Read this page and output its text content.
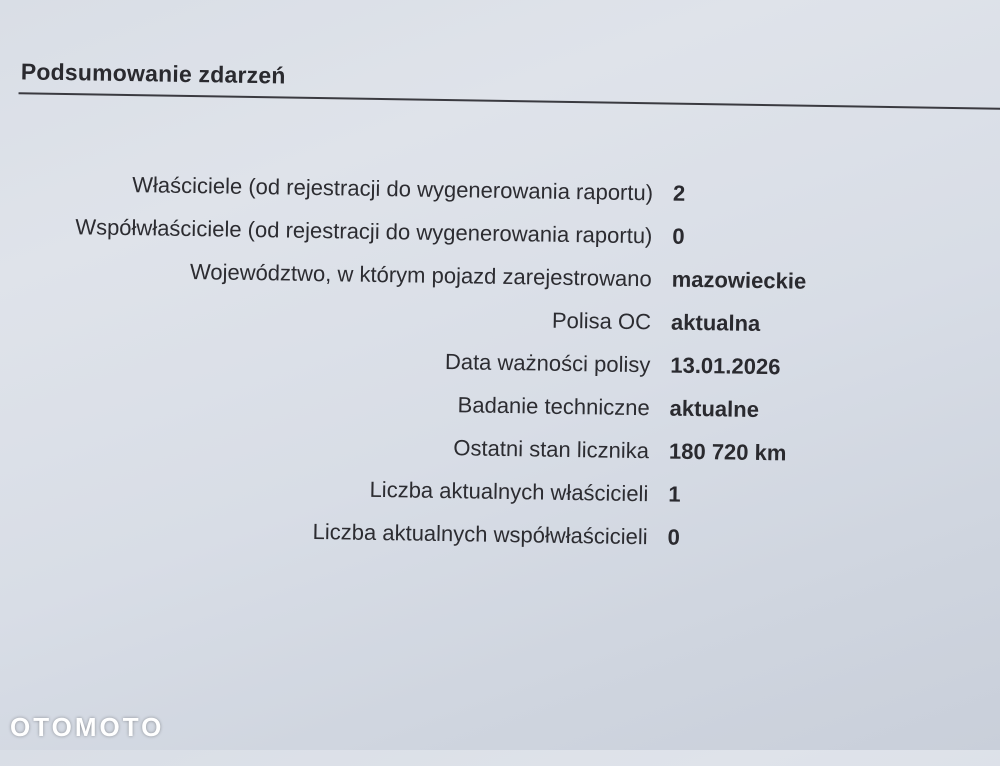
Podsumowanie zdarzeń
Właściciele (od rejestracji do wygenerowania raportu) 2
Współwłaściciele (od rejestracji do wygenerowania raportu) 0
Województwo, w którym pojazd zarejestrowano mazowieckie
Polisa OC aktualna
Data ważności polisy 13.01.2026
Badanie techniczne aktualne
Ostatni stan licznika 180 720 km
Liczba aktualnych właścicieli 1
Liczba aktualnych współwłaścicieli 0
OTOMOTO
